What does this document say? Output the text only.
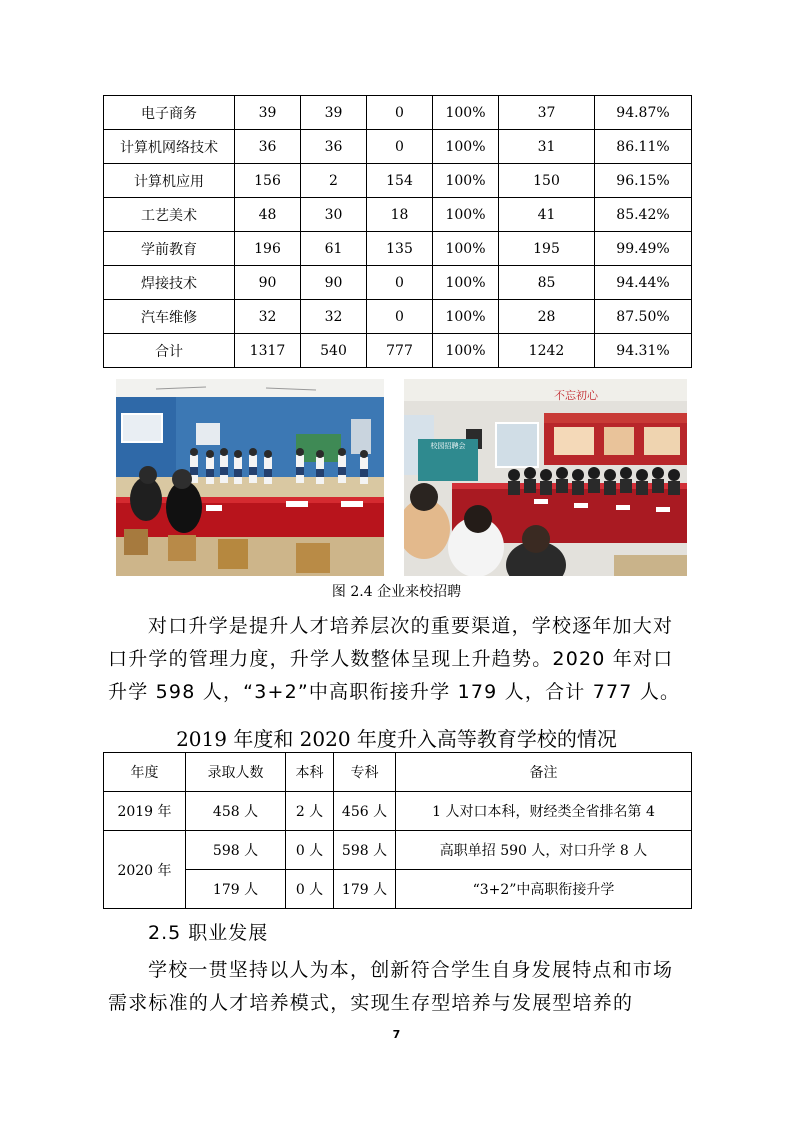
电子商务	39	39	0	100%	37	94.87%
计算机网络技术	36	36	0	100%	31	86.11%
计算机应用	156	2	154	100%	150	96.15%
工艺美术	48	30	18	100%	41	85.42%
学前教育	196	61	135	100%	195	99.49%
焊接技术	90	90	0	100%	85	94.44%
汽车维修	32	32	0	100%	28	87.50%
合计	1317	540	777	100%	1242	94.31%
不忘初心
校园招聘会
图 2.4 企业来校招聘

对口升学是提升人才培养层次的重要渠道，学校逐年加大对口升学的管理力度，升学人数整体呈现上升趋势。2020 年对口升学 598 人，“3+2”中高职衔接升学 179 人，合计 777 人。

2019 年度和 2020 年度升入高等教育学校的情况
年度	录取人数	本科	专科	备注
2019 年	458 人	2 人	456 人	1 人对口本科，财经类全省排名第 4
2020 年	598 人	0 人	598 人	高职单招 590 人，对口升学 8 人
	179 人	0 人	179 人	“3+2”中高职衔接升学
2.5 职业发展

学校一贯坚持以人为本，创新符合学生自身发展特点和市场需求标准的人才培养模式，实现生存型培养与发展型培养的

7
